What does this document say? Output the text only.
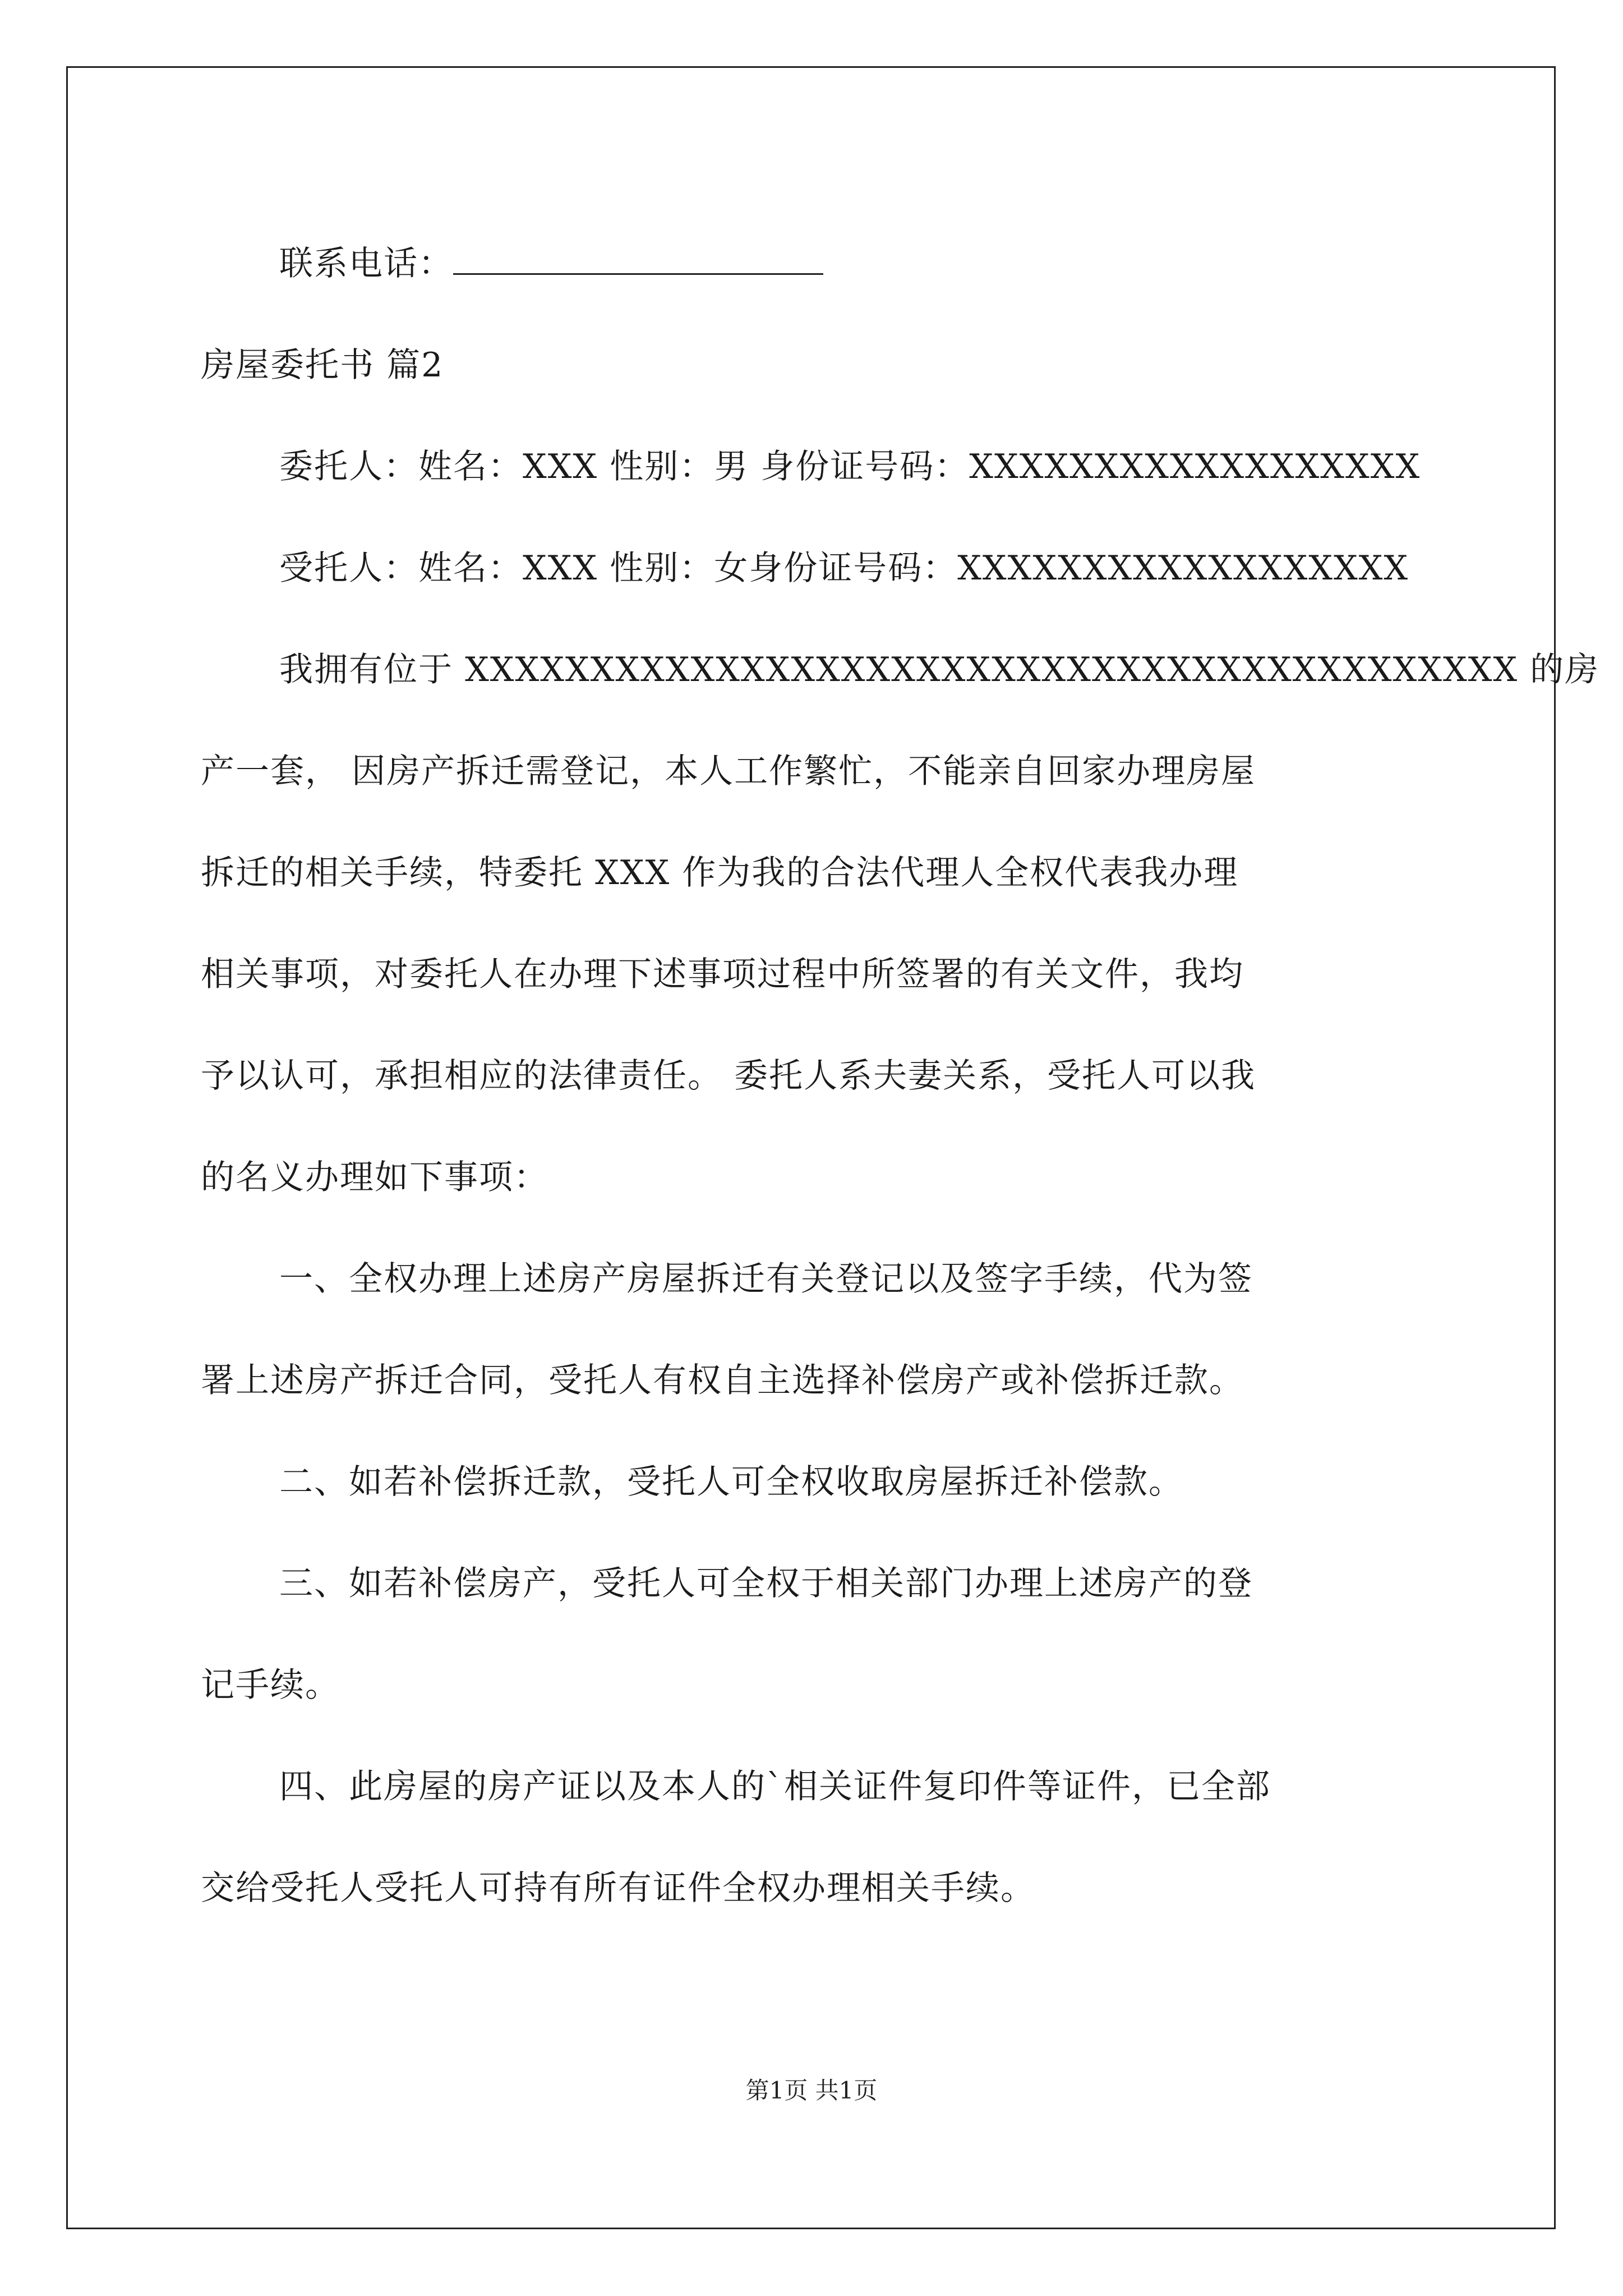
联系电话：
房屋委托书 篇2
委托人：姓名：XXX 性别：男 身份证号码：XXXXXXXXXXXXXXXXXX
受托人：姓名：XXX 性别：女身份证号码：XXXXXXXXXXXXXXXXXX
我拥有位于 XXXXXXXXXXXXXXXXXXXXXXXXXXXXXXXXXXXXXXXXXX 的房
产一套， 因房产拆迁需登记，本人工作繁忙，不能亲自回家办理房屋
拆迁的相关手续，特委托 XXX 作为我的合法代理人全权代表我办理
相关事项，对委托人在办理下述事项过程中所签署的有关文件，我均
予以认可，承担相应的法律责任。 委托人系夫妻关系，受托人可以我
的名义办理如下事项：
一、全权办理上述房产房屋拆迁有关登记以及签字手续，代为签
署上述房产拆迁合同，受托人有权自主选择补偿房产或补偿拆迁款。
二、如若补偿拆迁款，受托人可全权收取房屋拆迁补偿款。
三、如若补偿房产，受托人可全权于相关部门办理上述房产的登
记手续。
四、此房屋的房产证以及本人的`相关证件复印件等证件，已全部
交给受托人受托人可持有所有证件全权办理相关手续。
第1页 共1页
